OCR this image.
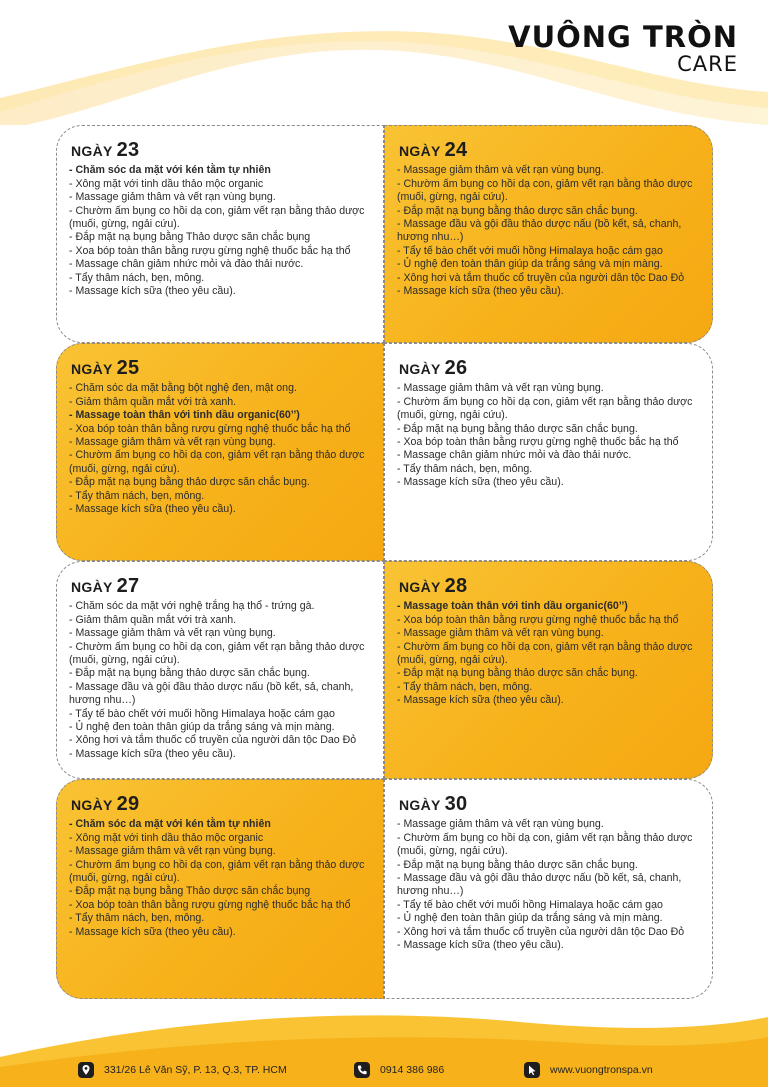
VUÔNG TRÒN
CARE
NGÀY 23
- Chăm sóc da mặt với kén tằm tự nhiên
- Xông mặt với tinh dầu thảo mộc organic
- Massage giảm thâm và vết rạn vùng bụng.
- Chườm ấm bụng co hồi dạ con, giảm vết rạn bằng thảo dược (muối, gừng, ngải cứu).
- Đắp mặt nạ bụng bằng Thảo dược săn chắc bụng
- Xoa bóp toàn thân bằng rượu gừng nghệ thuốc bắc hạ thổ
- Massage chân giảm nhức mỏi và đào thải nước.
- Tẩy thâm nách, bẹn, mông.
- Massage kích sữa (theo yêu cầu).
NGÀY 24
- Massage giảm thâm và vết rạn vùng bụng.
- Chườm ấm bụng co hồi dạ con, giảm vết rạn bằng thảo dược (muối, gừng, ngải cứu).
- Đắp mặt nạ bụng bằng thảo dược săn chắc bụng.
- Massage đầu và gội đầu thảo dược nấu (bồ kết, sả, chanh, hương nhu…)
- Tẩy tế bào chết với muối hồng Himalaya hoặc cám gạo
- Ủ nghệ đen toàn thân giúp da trắng sáng và mịn màng.
- Xông hơi và tắm thuốc cổ truyền của người dân tộc Dao Đỏ
- Massage kích sữa (theo yêu cầu).
NGÀY 25
- Chăm sóc da mặt bằng bột nghệ đen, mật ong.
- Giảm thâm quần mắt với trà xanh.
- Massage toàn thân với tinh dầu organic(60’’)
- Xoa bóp toàn thân bằng rượu gừng nghệ thuốc bắc hạ thổ
- Massage giảm thâm và vết rạn vùng bụng.
- Chườm ấm bụng co hồi dạ con, giảm vết rạn bằng thảo dược (muối, gừng, ngải cứu).
- Đắp mặt nạ bụng bằng thảo dược săn chắc bụng.
- Tẩy thâm nách, bẹn, mông.
- Massage kích sữa (theo yêu cầu).
NGÀY 26
- Massage giảm thâm và vết rạn vùng bụng.
- Chườm ấm bụng co hồi dạ con, giảm vết rạn bằng thảo dược (muối, gừng, ngải cứu).
- Đắp mặt nạ bụng bằng thảo dược săn chắc bụng.
- Xoa bóp toàn thân bằng rượu gừng nghệ thuốc bắc hạ thổ
- Massage chân giảm nhức mỏi và đào thải nước.
- Tẩy thâm nách, bẹn, mông.
- Massage kích sữa (theo yêu cầu).
NGÀY 27
- Chăm sóc da mặt với nghệ trắng hạ thổ - trứng gà.
- Giảm thâm quần mắt với trà xanh.
- Massage giảm thâm và vết rạn vùng bụng.
- Chườm ấm bụng co hồi dạ con, giảm vết rạn bằng thảo dược (muối, gừng, ngải cứu).
- Đắp mặt nạ bụng bằng thảo dược săn chắc bụng.
- Massage đầu và gội đầu thảo dược nấu (bồ kết, sả, chanh, hương nhu…)
- Tẩy tế bào chết với muối hồng Himalaya hoặc cám gạo
- Ủ nghệ đen toàn thân giúp da trắng sáng và mịn màng.
- Xông hơi và tắm thuốc cổ truyền của người dân tộc Dao Đỏ
- Massage kích sữa (theo yêu cầu).
NGÀY 28
- Massage toàn thân với tinh dầu organic(60’’)
- Xoa bóp toàn thân bằng rượu gừng nghệ thuốc bắc hạ thổ
- Massage giảm thâm và vết rạn vùng bụng.
- Chườm ấm bụng co hồi dạ con, giảm vết rạn bằng thảo dược (muối, gừng, ngải cứu).
- Đắp mặt nạ bụng bằng thảo dược săn chắc bụng.
- Tẩy thâm nách, bẹn, mông.
- Massage kích sữa (theo yêu cầu).
NGÀY 29
- Chăm sóc da mặt với kén tằm tự nhiên
- Xông mặt với tinh dầu thảo mộc organic
- Massage giảm thâm và vết rạn vùng bụng.
- Chườm ấm bụng co hồi dạ con, giảm vết rạn bằng thảo dược (muối, gừng, ngải cứu).
- Đắp mặt nạ bụng bằng Thảo dược săn chắc bụng
- Xoa bóp toàn thân bằng rượu gừng nghệ thuốc bắc hạ thổ
- Tẩy thâm nách, bẹn, mông.
- Massage kích sữa (theo yêu cầu).
NGÀY 30
- Massage giảm thâm và vết rạn vùng bụng.
- Chườm ấm bụng co hồi dạ con, giảm vết rạn bằng thảo dược (muối, gừng, ngải cứu).
- Đắp mặt nạ bụng bằng thảo dược săn chắc bụng.
- Massage đầu và gội đầu thảo dược nấu (bồ kết, sả, chanh, hương nhu…)
- Tẩy tế bào chết với muối hồng Himalaya hoặc cám gạo
- Ủ nghệ đen toàn thân giúp da trắng sáng và mịn màng.
- Xông hơi và tắm thuốc cổ truyền của người dân tộc Dao Đỏ
- Massage kích sữa (theo yêu cầu).
331/26 Lê Văn Sỹ, P. 13, Q.3, TP. HCM	0914 386 986	www.vuongtronspa.vn
